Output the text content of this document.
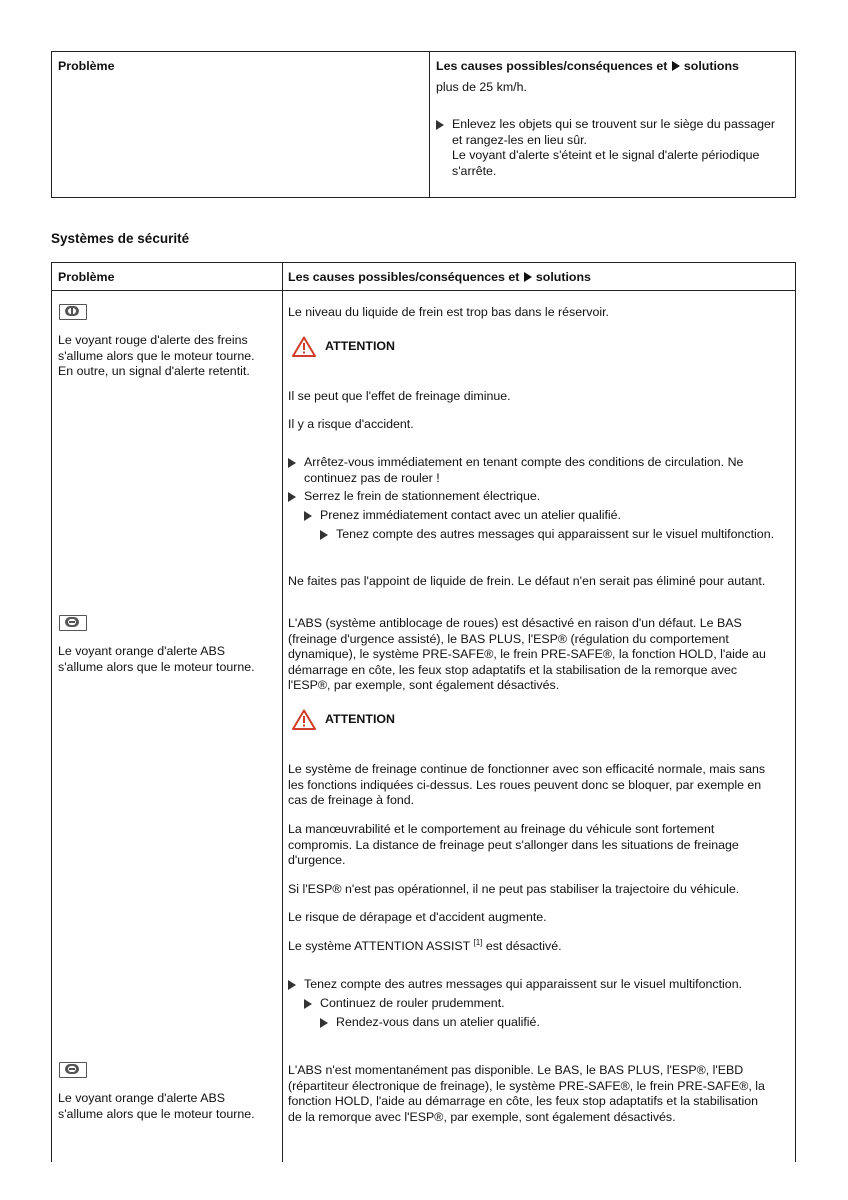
Problème	Les causes possibles/conséquences et solutions
plus de 25 km/h.

Enlevez les objets qui se trouvent sur le siège du passager

et rangez-les en lieu sûr.

Le voyant d'alerte s'éteint et le signal d'alerte périodique

s'arrête.

Systèmes de sécurité
Problème	Les causes possibles/conséquences et solutions

Le voyant rouge d'alerte des freins

s'allume alors que le moteur tourne.

En outre, un signal d'alerte retentit.

Le niveau du liquide de frein est trop bas dans le réservoir.
ATTENTION
Il se peut que l'effet de freinage diminue.
Il y a risque d'accident.

Arrêtez-vous immédiatement en tenant compte des conditions de circulation. Ne

continuez pas de rouler !

Serrez le frein de stationnement électrique.

Prenez immédiatement contact avec un atelier qualifié.

Tenez compte des autres messages qui apparaissent sur le visuel multifonction.

Ne faites pas l'appoint de liquide de frein. Le défaut n'en serait pas éliminé pour autant.

Le voyant orange d'alerte ABS

s'allume alors que le moteur tourne.

L'ABS (système antiblocage de roues) est désactivé en raison d'un défaut. Le BAS

(freinage d'urgence assisté), le BAS PLUS, l'ESP® (régulation du comportement

dynamique), le système PRE-SAFE®, le frein PRE-SAFE®, la fonction HOLD, l'aide au

démarrage en côte, les feux stop adaptatifs et la stabilisation de la remorque avec

l'ESP®, par exemple, sont également désactivés.

ATTENTION

Le système de freinage continue de fonctionner avec son efficacité normale, mais sans

les fonctions indiquées ci-dessus. Les roues peuvent donc se bloquer, par exemple en

cas de freinage à fond.

La manœuvrabilité et le comportement au freinage du véhicule sont fortement

compromis. La distance de freinage peut s'allonger dans les situations de freinage

d'urgence.

Si l'ESP® n'est pas opérationnel, il ne peut pas stabiliser la trajectoire du véhicule.
Le risque de dérapage et d'accident augmente.
Le système ATTENTION ASSIST [1] est désactivé.

Tenez compte des autres messages qui apparaissent sur le visuel multifonction.

Continuez de rouler prudemment.

Rendez-vous dans un atelier qualifié.

Le voyant orange d'alerte ABS

s'allume alors que le moteur tourne.

L'ABS n'est momentanément pas disponible. Le BAS, le BAS PLUS, l'ESP®, l'EBD

(répartiteur électronique de freinage), le système PRE-SAFE®, le frein PRE-SAFE®, la

fonction HOLD, l'aide au démarrage en côte, les feux stop adaptatifs et la stabilisation

de la remorque avec l'ESP®, par exemple, sont également désactivés.
